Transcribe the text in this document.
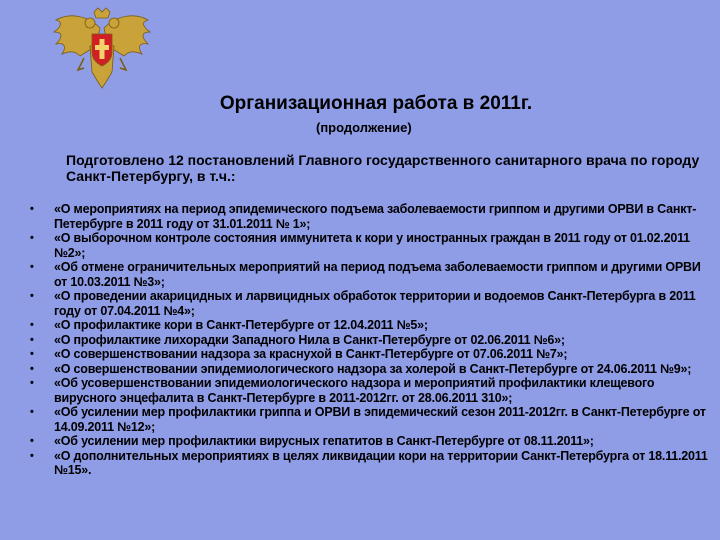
Организационная работа в 2011г.
(продолжение)
Подготовлено 12 постановлений Главного государственного санитарного врача по городу Санкт-Петербургу, в т.ч.:
• «О мероприятиях на период эпидемического подъема заболеваемости гриппом и другими ОРВИ в Санкт-Петербурге в 2011 году от 31.01.2011 № 1»;
• «О выборочном контроле состояния иммунитета к кори у иностранных граждан в 2011 году от 01.02.2011 №2»;
• «Об отмене ограничительных мероприятий на период подъема заболеваемости гриппом и другими ОРВИ от 10.03.2011 №3»;
• «О проведении акарицидных и ларвицидных обработок территории и водоемов Санкт-Петербурга в 2011 году от 07.04.2011 №4»;
• «О профилактике кори в Санкт-Петербурге от 12.04.2011 №5»;
• «О профилактике лихорадки Западного Нила в Санкт-Петербурге от 02.06.2011 №6»;
• «О совершенствовании надзора за краснухой в Санкт-Петербурге от 07.06.2011 №7»;
• «О совершенствовании эпидемиологического надзора за холерой в Санкт-Петербурге от 24.06.2011 №9»;
• «Об усовершенствовании эпидемиологического надзора и мероприятий профилактики клещевого вирусного энцефалита в Санкт-Петербурге в 2011-2012гг. от 28.06.2011 310»;
• «Об усилении мер профилактики гриппа и ОРВИ в эпидемический сезон 2011-2012гг. в Санкт-Петербурге от 14.09.2011 №12»;
• «Об усилении мер профилактики вирусных гепатитов в Санкт-Петербурге от 08.11.2011»;
• «О дополнительных мероприятиях в целях ликвидации кори на территории Санкт-Петербурга от 18.11.2011 №15».
